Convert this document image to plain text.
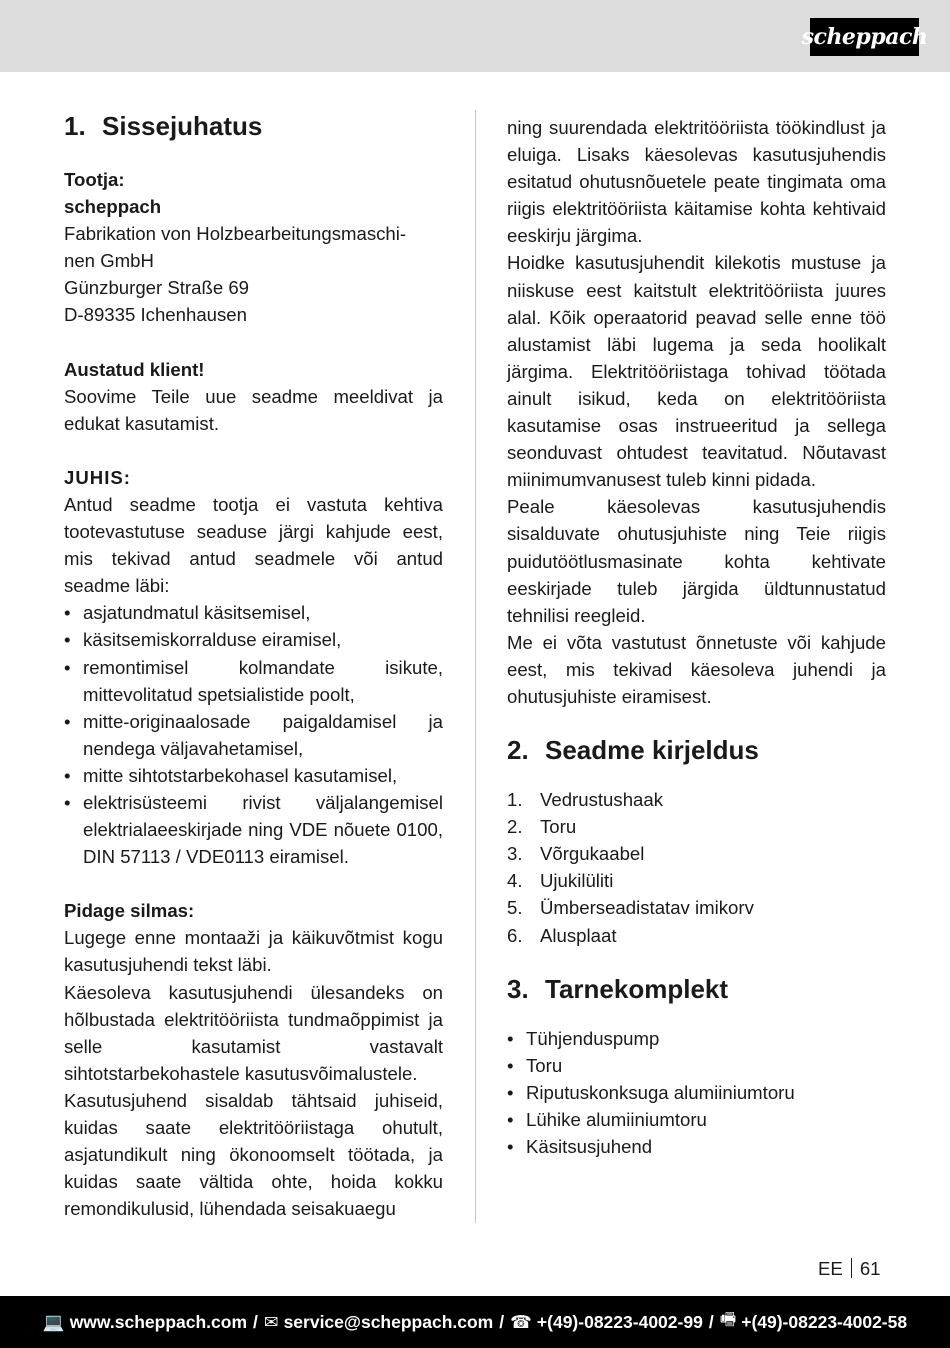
scheppach
1. Sissejuhatus

Tootja:

scheppach

Fabrikation von Holzbearbeitungsmaschi-

nen GmbH

Günzburger Straße 69

D-89335 Ichenhausen

Austatud klient!

Soovime Teile uue seadme meeldivat ja edukat kasutamist.

JUHIS:

Antud seadme tootja ei vastuta kehtiva tootevastutuse seaduse järgi kahjude eest, mis tekivad antud seadmele või antud seadme läbi:

• asjatundmatul käsitsemisel,
• käsitsemiskorralduse eiramisel,
• remontimisel kolmandate isikute, mittevolitatud spetsialistide poolt,
• mitte-originaalosade paigaldamisel ja nendega väljavahetamisel,
• mitte sihtotstarbekohasel kasutamisel,
• elektrisüsteemi rivist väljalangemisel elektrialaeeskirjade ning VDE nõuete 0100, DIN 57113 / VDE0113 eiramisel.

Pidage silmas:

Lugege enne montaaži ja käikuvõtmist kogu kasutusjuhendi tekst läbi.

Käesoleva kasutusjuhendi ülesandeks on hõlbustada elektritööriista tundmaõppimist ja selle kasutamist vastavalt sihtotstarbekohastele kasutusvõimalustele.

Kasutusjuhend sisaldab tähtsaid juhiseid, kuidas saate elektritööriistaga ohutult, asjatundikult ning ökonoomselt töötada, ja kuidas saate vältida ohte, hoida kokku remondikulusid, lühendada seisakuaegu

ning suurendada elektritööriista töökindlust ja eluiga. Lisaks käesolevas kasutusjuhendis esitatud ohutusnõuetele peate tingimata oma riigis elektritööriista käitamise kohta kehtivaid eeskirju järgima.

Hoidke kasutusjuhendit kilekotis mustuse ja niiskuse eest kaitstult elektritööriista juures alal. Kõik operaatorid peavad selle enne töö alustamist läbi lugema ja seda hoolikalt järgima. Elektritööriistaga tohivad töötada ainult isikud, keda on elektritööriista kasutamise osas instrueeritud ja sellega seonduvast ohtudest teavitatud. Nõutavast miinimumvanusest tuleb kinni pidada.

Peale käesolevas kasutusjuhendis sisalduvate ohutusjuhiste ning Teie riigis puidutöötlusmasinate kohta kehtivate eeskirjade tuleb järgida üldtunnustatud tehnilisi reegleid.

Me ei võta vastutust õnnetuste või kahjude eest, mis tekivad käesoleva juhendi ja ohutusjuhiste eiramisest.

2. Seadme kirjeldus
1. Vedrustushaak
2. Toru
3. Võrgukaabel
4. Ujukilüliti
5. Ümberseadistatav imikorv
6. Alusplaat
3. Tarnekomplekt
• Tühjenduspump
• Toru
• Riputuskonksuga alumiiniumtoru
• Lühike alumiiniumtoru
• Käsitsusjuhend
EE 61
💻 www.scheppach.com / ✉ service@scheppach.com / ☎ +(49)-08223-4002-99 / 🖷 +(49)-08223-4002-58
